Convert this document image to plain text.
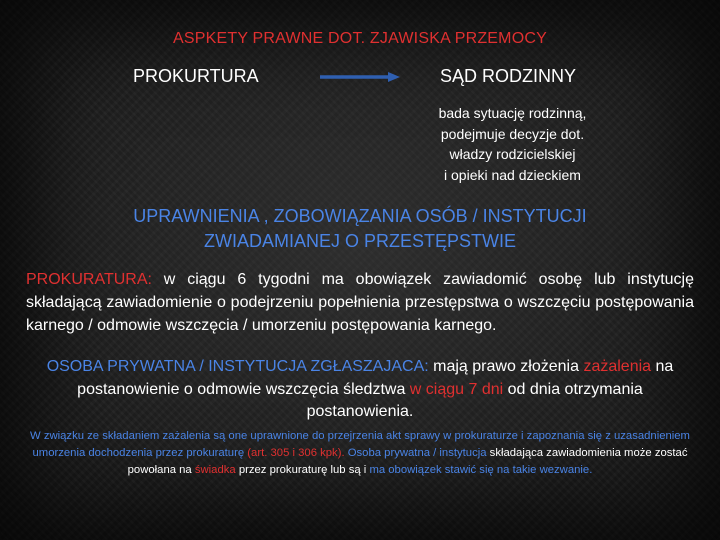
ASPKETY PRAWNE DOT. ZJAWISKA PRZEMOCY
PROKURTURA	SĄD RODZINNY
bada sytuację rodzinną,
podejmuje decyzje dot.
władzy rodzicielskiej
i opieki nad dzieckiem
UPRAWNIENIA , ZOBOWIĄZANIA OSÓB / INSTYTUCJI
ZWIADAMIANEJ O PRZESTĘPSTWIE
PROKURATURA: w ciągu 6 tygodni ma obowiązek zawiadomić osobę lub instytucję składającą zawiadomienie o podejrzeniu popełnienia przestępstwa o wszczęciu postępowania karnego / odmowie wszczęcia / umorzeniu postępowania karnego.
OSOBA PRYWATNA / INSTYTUCJA ZGŁASZAJACA: mają prawo złożenia zażalenia na postanowienie o odmowie wszczęcia śledztwa w ciągu 7 dni od dnia otrzymania postanowienia.
W związku ze składaniem zażalenia są one uprawnione do przejrzenia akt sprawy w prokuraturze i zapoznania się z uzasadnieniem umorzenia dochodzenia przez prokuraturę (art. 305 i 306 kpk). Osoba prywatna / instytucja składająca zawiadomienia może zostać powołana na świadka przez prokuraturę lub są i ma obowiązek stawić się na takie wezwanie.
